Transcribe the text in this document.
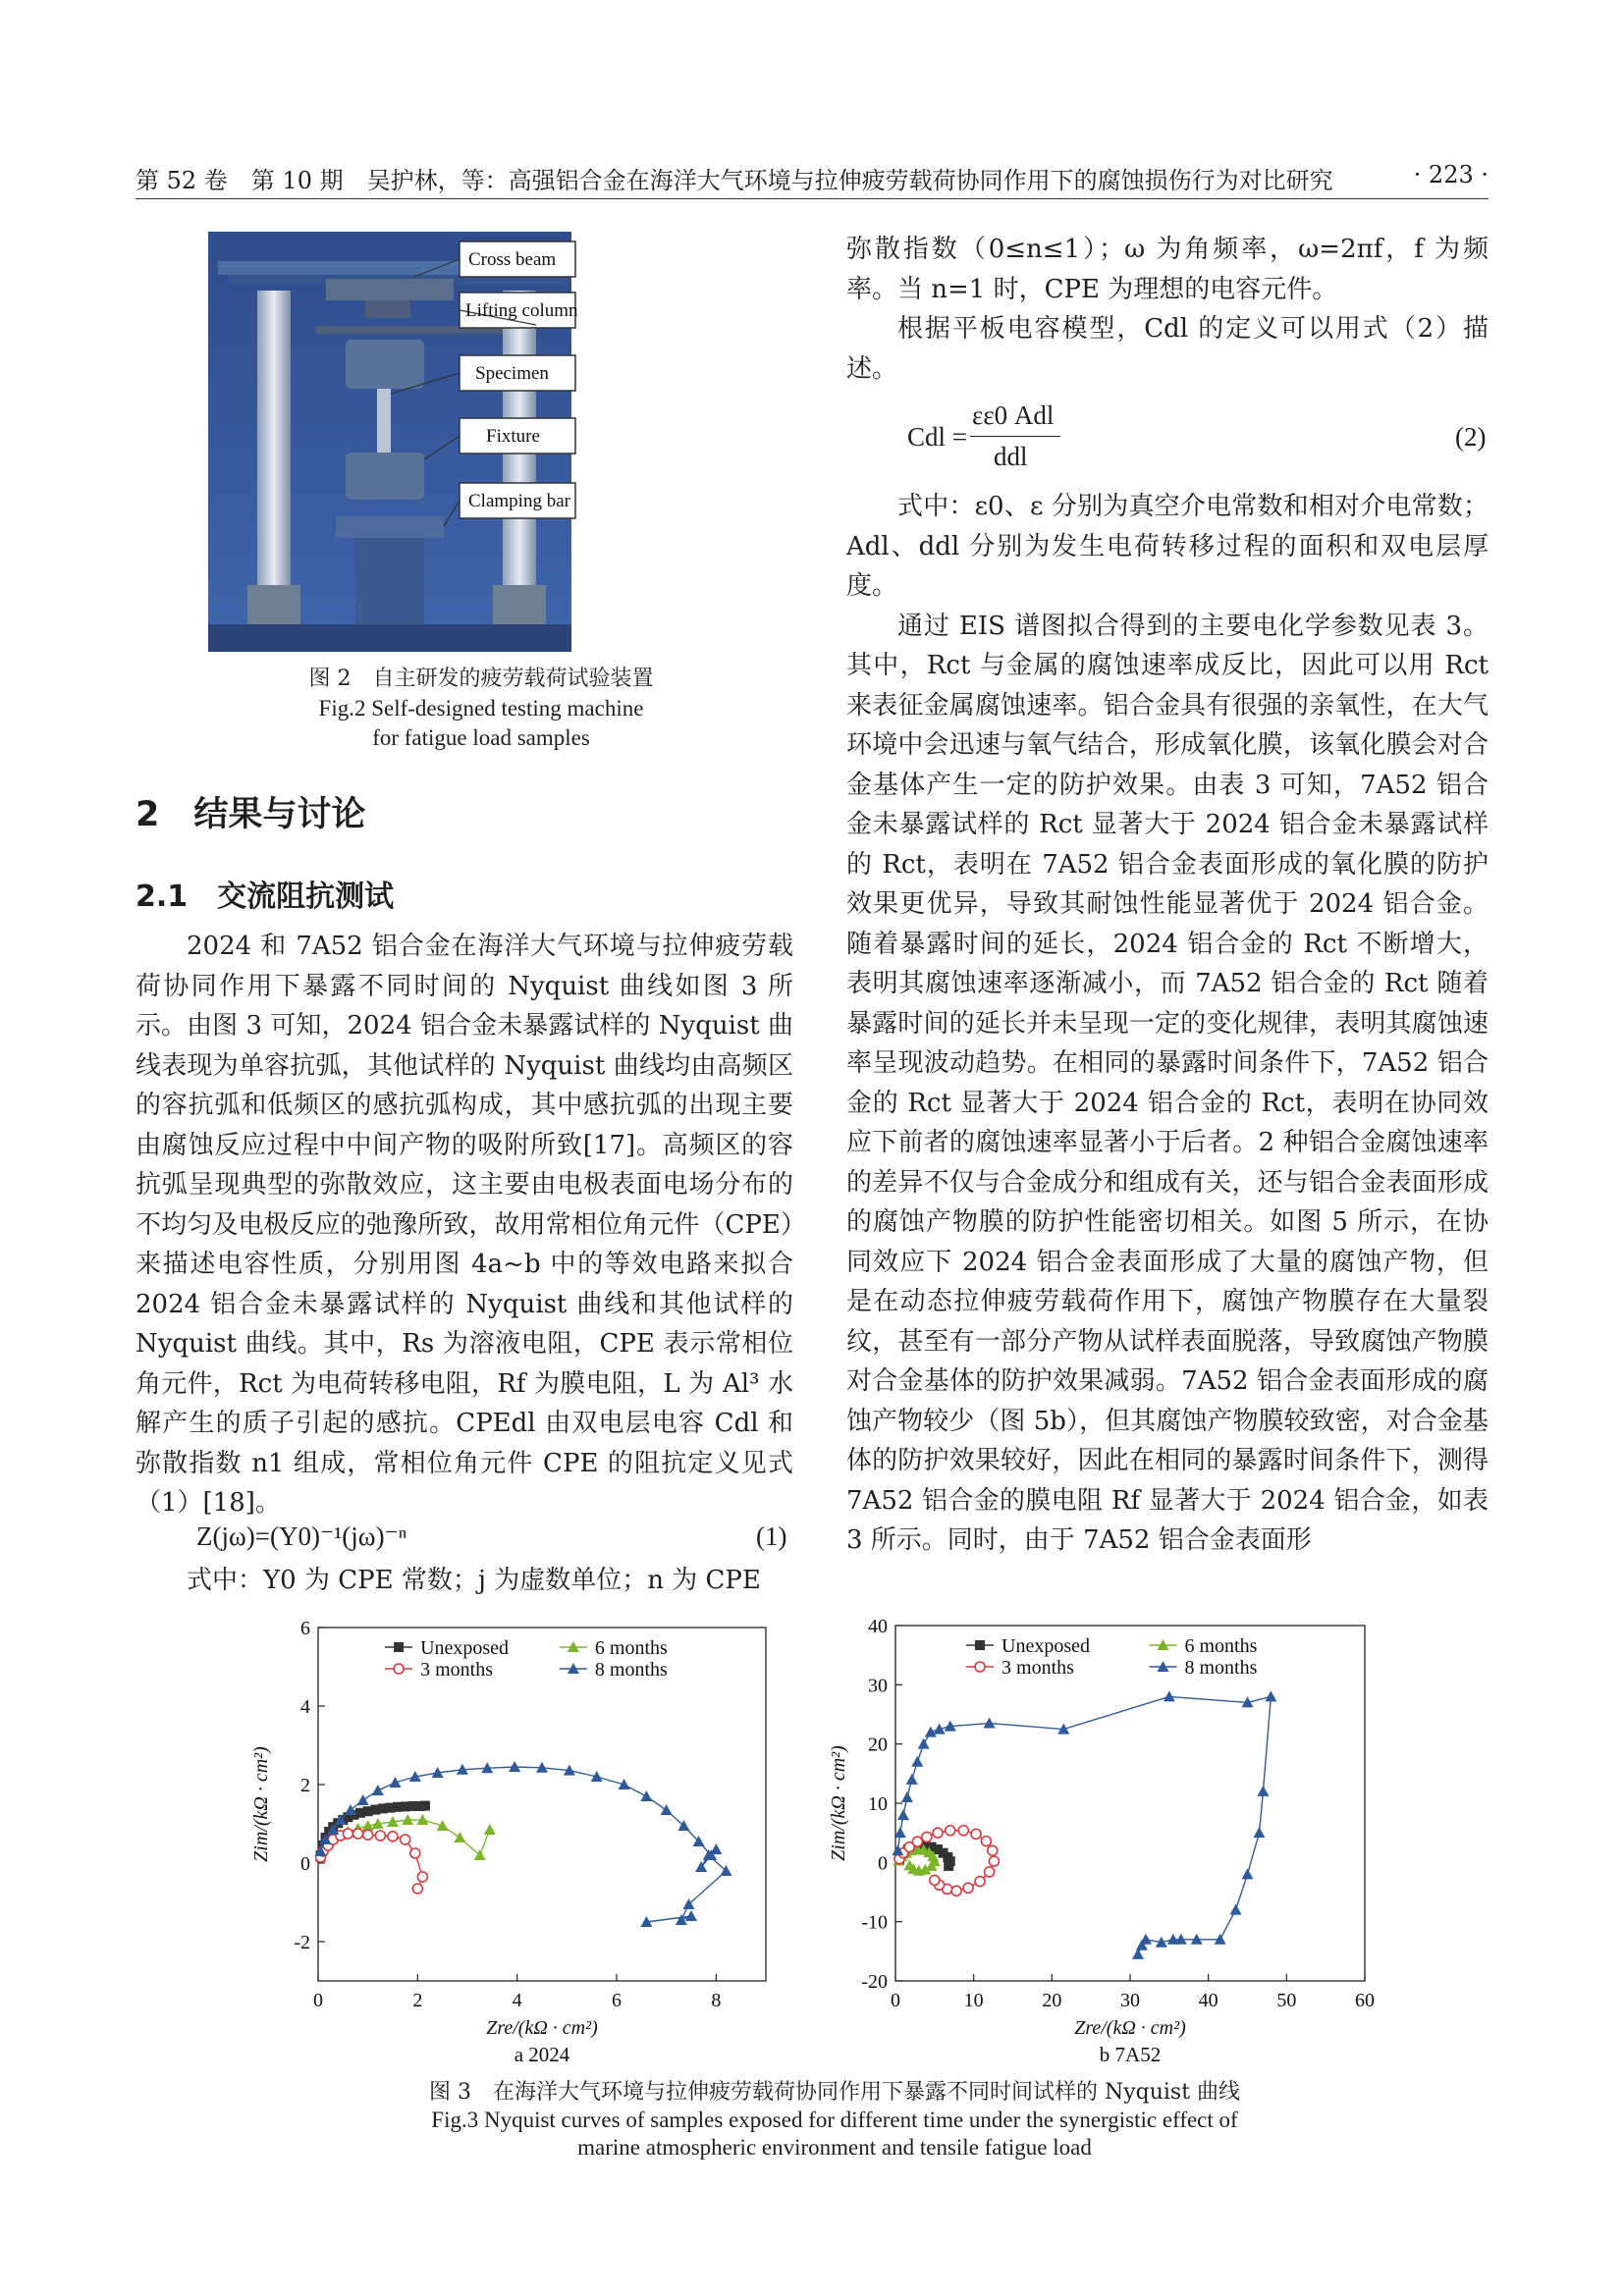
第 52 卷　第 10 期　吴护林，等：高强铝合金在海洋大气环境与拉伸疲劳载荷协同作用下的腐蚀损伤行为对比研究	· 223 ·
Cross beam
Lifting column
Specimen
Fixture
Clamping bar
图 2　自主研发的疲劳载荷试验装置
Fig.2 Self-designed testing machine
for fatigue load samples
2　结果与讨论
2.1　交流阻抗测试

2024 和 7A52 铝合金在海洋大气环境与拉伸疲劳载荷协同作用下暴露不同时间的 Nyquist 曲线如图 3 所示。由图 3 可知，2024 铝合金未暴露试样的 Nyquist 曲线表现为单容抗弧，其他试样的 Nyquist 曲线均由高频区的容抗弧和低频区的感抗弧构成，其中感抗弧的出现主要由腐蚀反应过程中中间产物的吸附所致[17]。高频区的容抗弧呈现典型的弥散效应，这主要由电极表面电场分布的不均匀及电极反应的弛豫所致，故用常相位角元件（CPE）来描述电容性质，分别用图 4a~b 中的等效电路来拟合 2024 铝合金未暴露试样的 Nyquist 曲线和其他试样的 Nyquist 曲线。其中，Rs 为溶液电阻，CPE 表示常相位角元件，Rct 为电荷转移电阻，Rf 为膜电阻，L 为 Al³ 水解产生的质子引起的感抗。CPEdl 由双电层电容 Cdl 和弥散指数 n1 组成，常相位角元件 CPE 的阻抗定义见式（1）[18]。

Z(jω)=(Y0)⁻¹(jω)⁻ⁿ	(1)

式中：Y0 为 CPE 常数；j 为虚数单位；n 为 CPE

弥散指数（0≤n≤1）；ω 为角频率，ω=2πf，f 为频率。当 n=1 时，CPE 为理想的电容元件。

根据平板电容模型，Cdl 的定义可以用式（2）描述。

Cdl =
εε0 Adl
ddl
(2)

式中：ε0、ε 分别为真空介电常数和相对介电常数；Adl、ddl 分别为发生电荷转移过程的面积和双电层厚度。

通过 EIS 谱图拟合得到的主要电化学参数见表 3。其中，Rct 与金属的腐蚀速率成反比，因此可以用 Rct 来表征金属腐蚀速率。铝合金具有很强的亲氧性，在大气环境中会迅速与氧气结合，形成氧化膜，该氧化膜会对合金基体产生一定的防护效果。由表 3 可知，7A52 铝合金未暴露试样的 Rct 显著大于 2024 铝合金未暴露试样的 Rct，表明在 7A52 铝合金表面形成的氧化膜的防护效果更优异，导致其耐蚀性能显著优于 2024 铝合金。随着暴露时间的延长，2024 铝合金的 Rct 不断增大，表明其腐蚀速率逐渐减小，而 7A52 铝合金的 Rct 随着暴露时间的延长并未呈现一定的变化规律，表明其腐蚀速率呈现波动趋势。在相同的暴露时间条件下，7A52 铝合金的 Rct 显著大于 2024 铝合金的 Rct，表明在协同效应下前者的腐蚀速率显著小于后者。2 种铝合金腐蚀速率的差异不仅与合金成分和组成有关，还与铝合金表面形成的腐蚀产物膜的防护性能密切相关。如图 5 所示，在协同效应下 2024 铝合金表面形成了大量的腐蚀产物，但是在动态拉伸疲劳载荷作用下，腐蚀产物膜存在大量裂纹，甚至有一部分产物从试样表面脱落，导致腐蚀产物膜对合金基体的防护效果减弱。7A52 铝合金表面形成的腐蚀产物较少（图 5b），但其腐蚀产物膜较致密，对合金基体的防护效果较好，因此在相同的暴露时间条件下，测得 7A52 铝合金的膜电阻 Rf 显著大于 2024 铝合金，如表 3 所示。同时，由于 7A52 铝合金表面形

0	2	4	6	8
-2
0
2
4
6
Zre/(kΩ · cm²)
Zim/(kΩ · cm²)
a 2024
Unexposed	6 months
3 months	8 months
0	10	20	30	40	50	60
-20
-10
0
10
20
30
40
Zre/(kΩ · cm²)
Zim/(kΩ · cm²)
b 7A52
Unexposed	6 months
3 months	8 months
图 3　在海洋大气环境与拉伸疲劳载荷协同作用下暴露不同时间试样的 Nyquist 曲线
Fig.3 Nyquist curves of samples exposed for different time under the synergistic effect of
marine atmospheric environment and tensile fatigue load
